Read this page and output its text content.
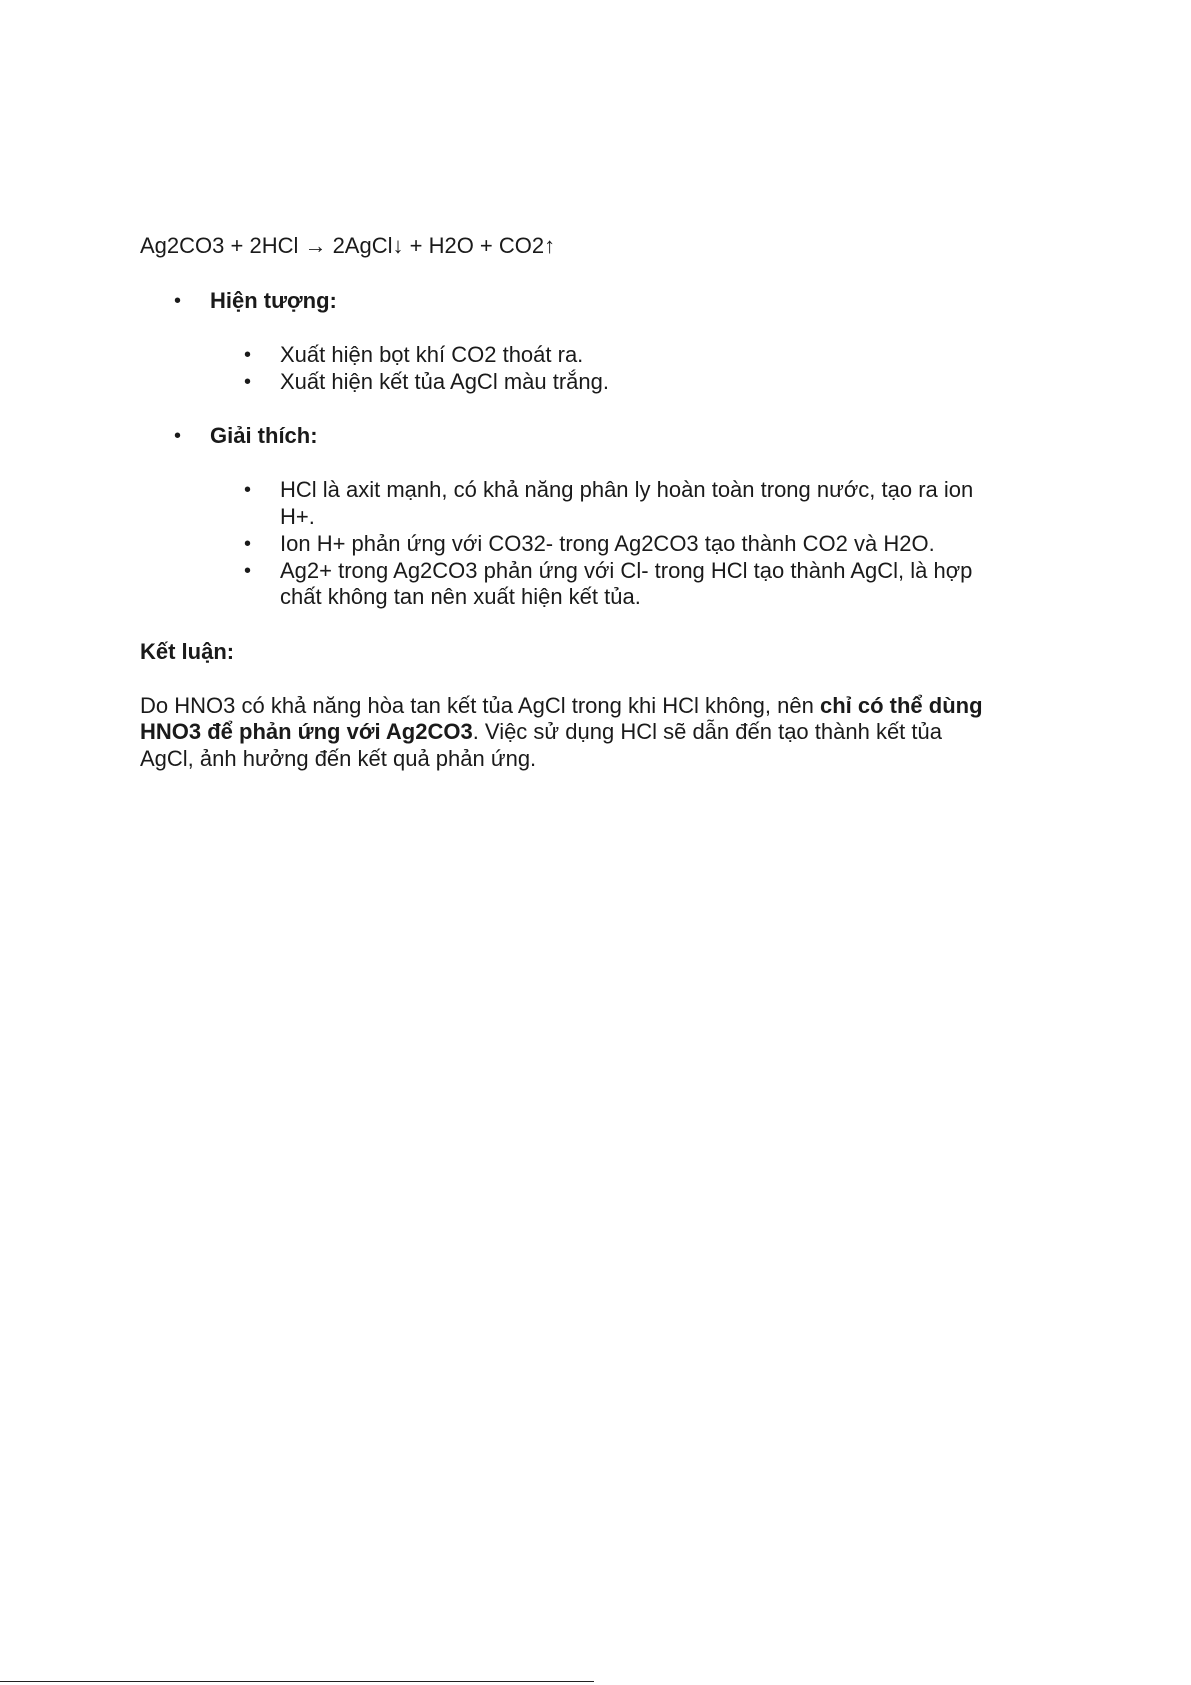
Ag2CO3 + 2HCl → 2AgCl↓ + H2O + CO2↑
• Hiện tượng:
• Xuất hiện bọt khí CO2 thoát ra.
• Xuất hiện kết tủa AgCl màu trắng.
• Giải thích:
• HCl là axit mạnh, có khả năng phân ly hoàn toàn trong nước, tạo ra ion
H+.
• Ion H+ phản ứng với CO32- trong Ag2CO3 tạo thành CO2 và H2O.
• Ag2+ trong Ag2CO3 phản ứng với Cl- trong HCl tạo thành AgCl, là hợp
chất không tan nên xuất hiện kết tủa.
Kết luận:
Do HNO3 có khả năng hòa tan kết tủa AgCl trong khi HCl không, nên chỉ có thể dùng
HNO3 để phản ứng với Ag2CO3. Việc sử dụng HCl sẽ dẫn đến tạo thành kết tủa
AgCl, ảnh hưởng đến kết quả phản ứng.
